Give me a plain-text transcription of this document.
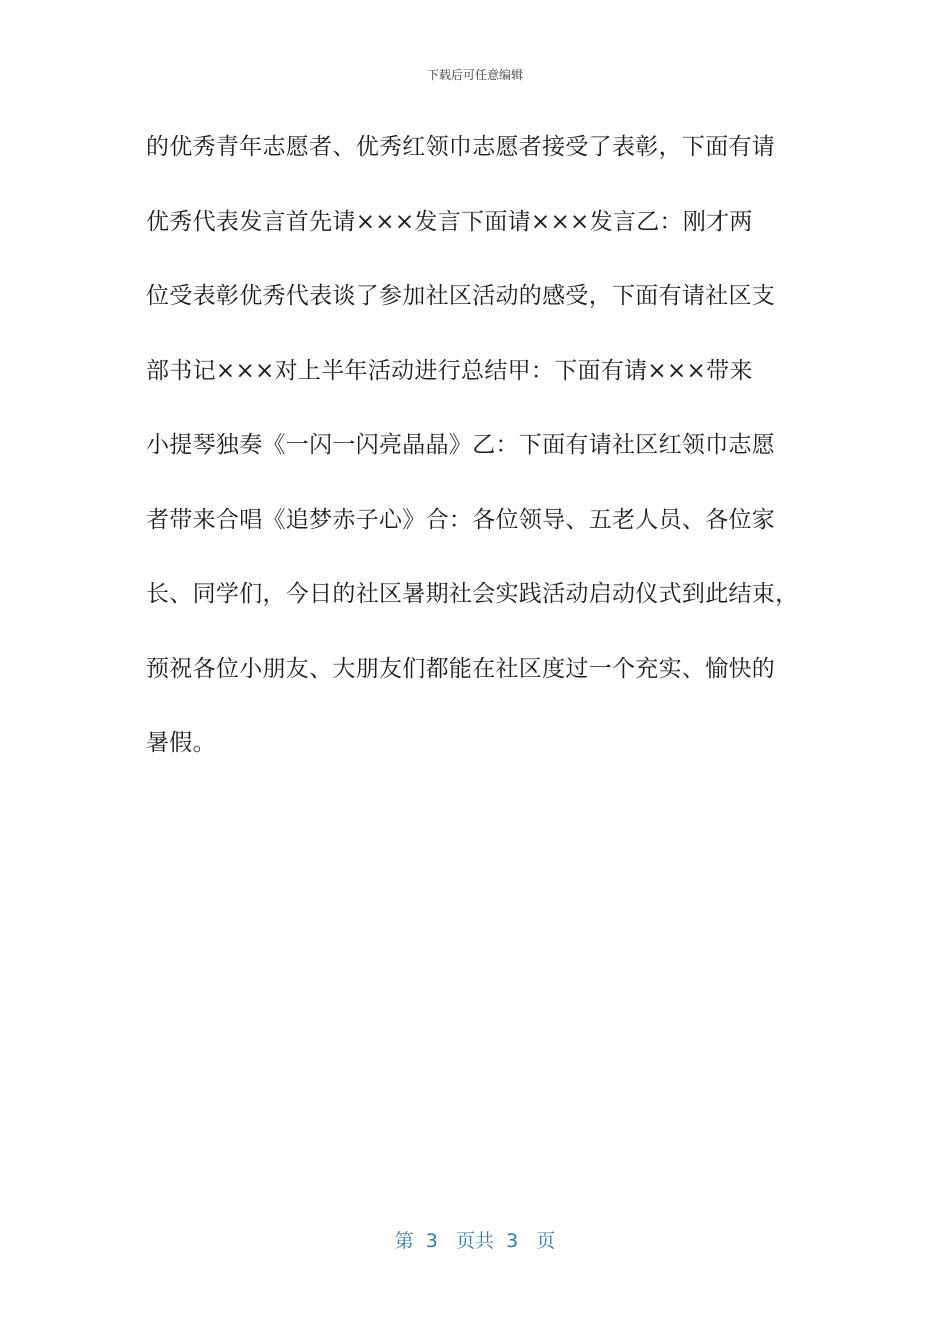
下载后可任意编辑
的优秀青年志愿者、优秀红领巾志愿者接受了表彰，下面有请
优秀代表发言首先请×××发言下面请×××发言乙：刚才两
位受表彰优秀代表谈了参加社区活动的感受，下面有请社区支
部书记×××对上半年活动进行总结甲：下面有请×××带来
小提琴独奏《一闪一闪亮晶晶》乙：下面有请社区红领巾志愿
者带来合唱《追梦赤子心》合：各位领导、五老人员、各位家
长、同学们，今日的社区暑期社会实践活动启动仪式到此结束，
预祝各位小朋友、大朋友们都能在社区度过一个充实、愉快的
暑假。
第  3   页共  3   页
